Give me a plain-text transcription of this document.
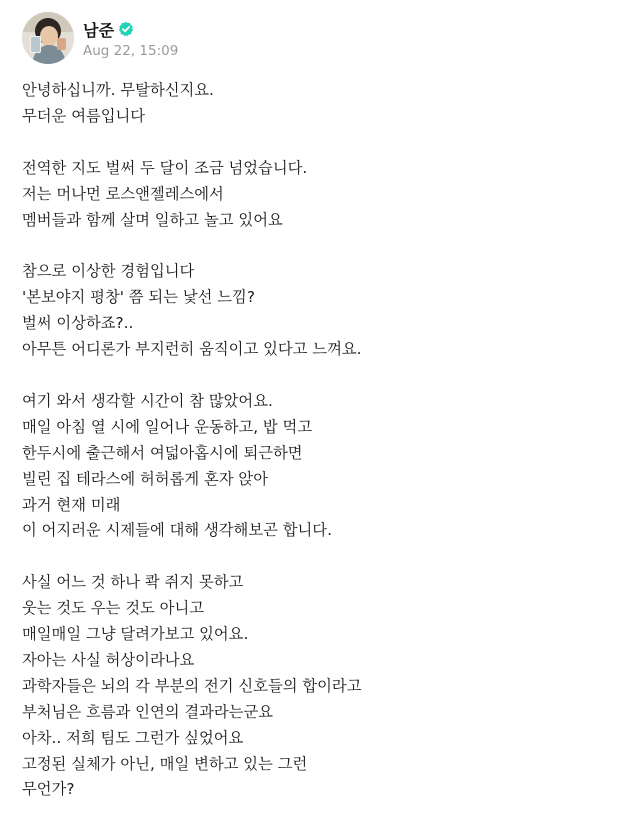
남준
Aug 22, 15:09

안녕하십니까. 무탈하신지요.
무더운 여름입니다

전역한 지도 벌써 두 달이 조금 넘었습니다.
저는 머나먼 로스앤젤레스에서
멤버들과 함께 살며 일하고 놀고 있어요

참으로 이상한 경험입니다
'본보야지 평창' 쯤 되는 낯선 느낌?
벌써 이상하죠?..
아무튼 어디론가 부지런히 움직이고 있다고 느껴요.

여기 와서 생각할 시간이 참 많았어요.
매일 아침 열 시에 일어나 운동하고, 밥 먹고
한두시에 출근해서 여덟아홉시에 퇴근하면
빌린 집 테라스에 허허롭게 혼자 앉아
과거 현재 미래
이 어지러운 시제들에 대해 생각해보곤 합니다.

사실 어느 것 하나 콱 쥐지 못하고
웃는 것도 우는 것도 아니고
매일매일 그냥 달려가보고 있어요.
자아는 사실 허상이라나요
과학자들은 뇌의 각 부분의 전기 신호들의 합이라고
부처님은 흐름과 인연의 결과라는군요
아차.. 저희 팀도 그런가 싶었어요
고정된 실체가 아닌, 매일 변하고 있는 그런
무언가?
